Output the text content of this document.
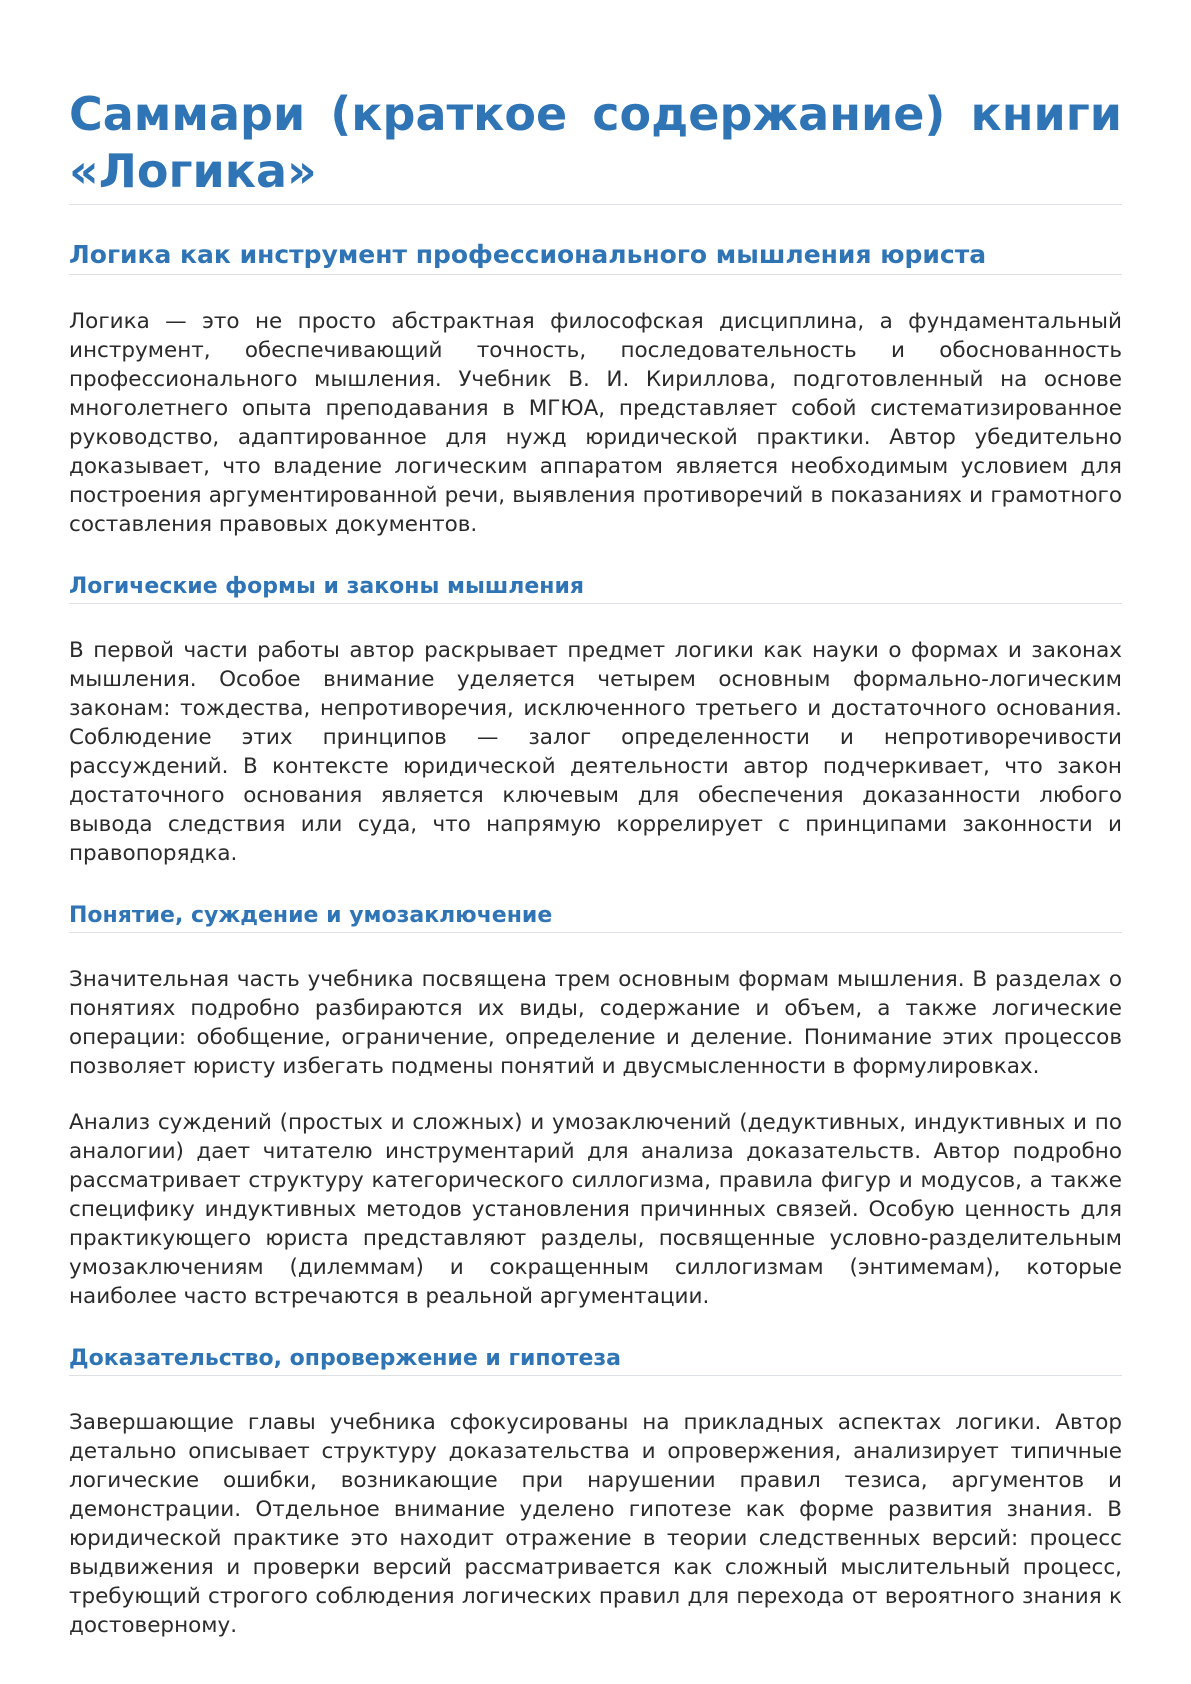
Саммари (краткое содержание) книги «Логика»
Логика как инструмент профессионального мышления юриста

Логика — это не просто абстрактная философская дисциплина, а фундаментальный инструмент, обеспечивающий точность, последовательность и обоснованность профессионального мышления. Учебник В. И. Кириллова, подготовленный на основе многолетнего опыта преподавания в МГЮА, представляет собой систематизированное руководство, адаптированное для нужд юридической практики. Автор убедительно доказывает, что владение логическим аппаратом является необходимым условием для построения аргументированной речи, выявления противоречий в показаниях и грамотного составления правовых документов.

Логические формы и законы мышления

В первой части работы автор раскрывает предмет логики как науки о формах и законах мышления. Особое внимание уделяется четырем основным формально-логическим законам: тождества, непротиворечия, исключенного третьего и достаточного основания. Соблюдение этих принципов — залог определенности и непротиворечивости рассуждений. В контексте юридической деятельности автор подчеркивает, что закон достаточного основания является ключевым для обеспечения доказанности любого вывода следствия или суда, что напрямую коррелирует с принципами законности и правопорядка.

Понятие, суждение и умозаключение

Значительная часть учебника посвящена трем основным формам мышления. В разделах о понятиях подробно разбираются их виды, содержание и объем, а также логические операции: обобщение, ограничение, определение и деление. Понимание этих процессов позволяет юристу избегать подмены понятий и двусмысленности в формулировках.

Анализ суждений (простых и сложных) и умозаключений (дедуктивных, индуктивных и по аналогии) дает читателю инструментарий для анализа доказательств. Автор подробно рассматривает структуру категорического силлогизма, правила фигур и модусов, а также специфику индуктивных методов установления причинных связей. Особую ценность для практикующего юриста представляют разделы, посвященные условно-разделительным умозаключениям (дилеммам) и сокращенным силлогизмам (энтимемам), которые наиболее часто встречаются в реальной аргументации.

Доказательство, опровержение и гипотеза

Завершающие главы учебника сфокусированы на прикладных аспектах логики. Автор детально описывает структуру доказательства и опровержения, анализирует типичные логические ошибки, возникающие при нарушении правил тезиса, аргументов и демонстрации. Отдельное внимание уделено гипотезе как форме развития знания. В юридической практике это находит отражение в теории следственных версий: процесс выдвижения и проверки версий рассматривается как сложный мыслительный процесс, требующий строгого соблюдения логических правил для перехода от вероятного знания к достоверному.
